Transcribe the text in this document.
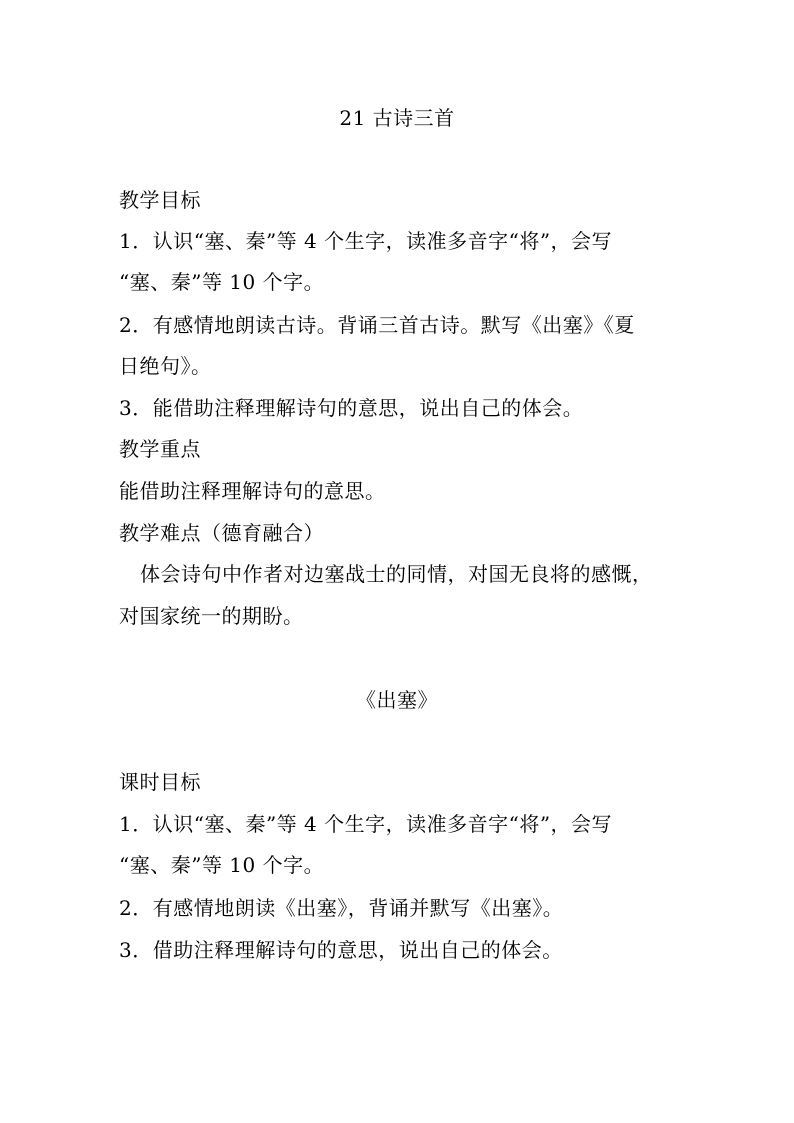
21 古诗三首
教学目标
1．认识“塞、秦”等 4 个生字，读准多音字“将”，会写
“塞、秦”等 10 个字。
2．有感情地朗读古诗。背诵三首古诗。默写《出塞》《夏
日绝句》。
3．能借助注释理解诗句的意思，说出自己的体会。
教学重点
能借助注释理解诗句的意思。
教学难点（德育融合）
体会诗句中作者对边塞战士的同情，对国无良将的感慨，
对国家统一的期盼。
《出塞》
课时目标
1．认识“塞、秦”等 4 个生字，读准多音字“将”，会写
“塞、秦”等 10 个字。
2．有感情地朗读《出塞》，背诵并默写《出塞》。
3．借助注释理解诗句的意思，说出自己的体会。
